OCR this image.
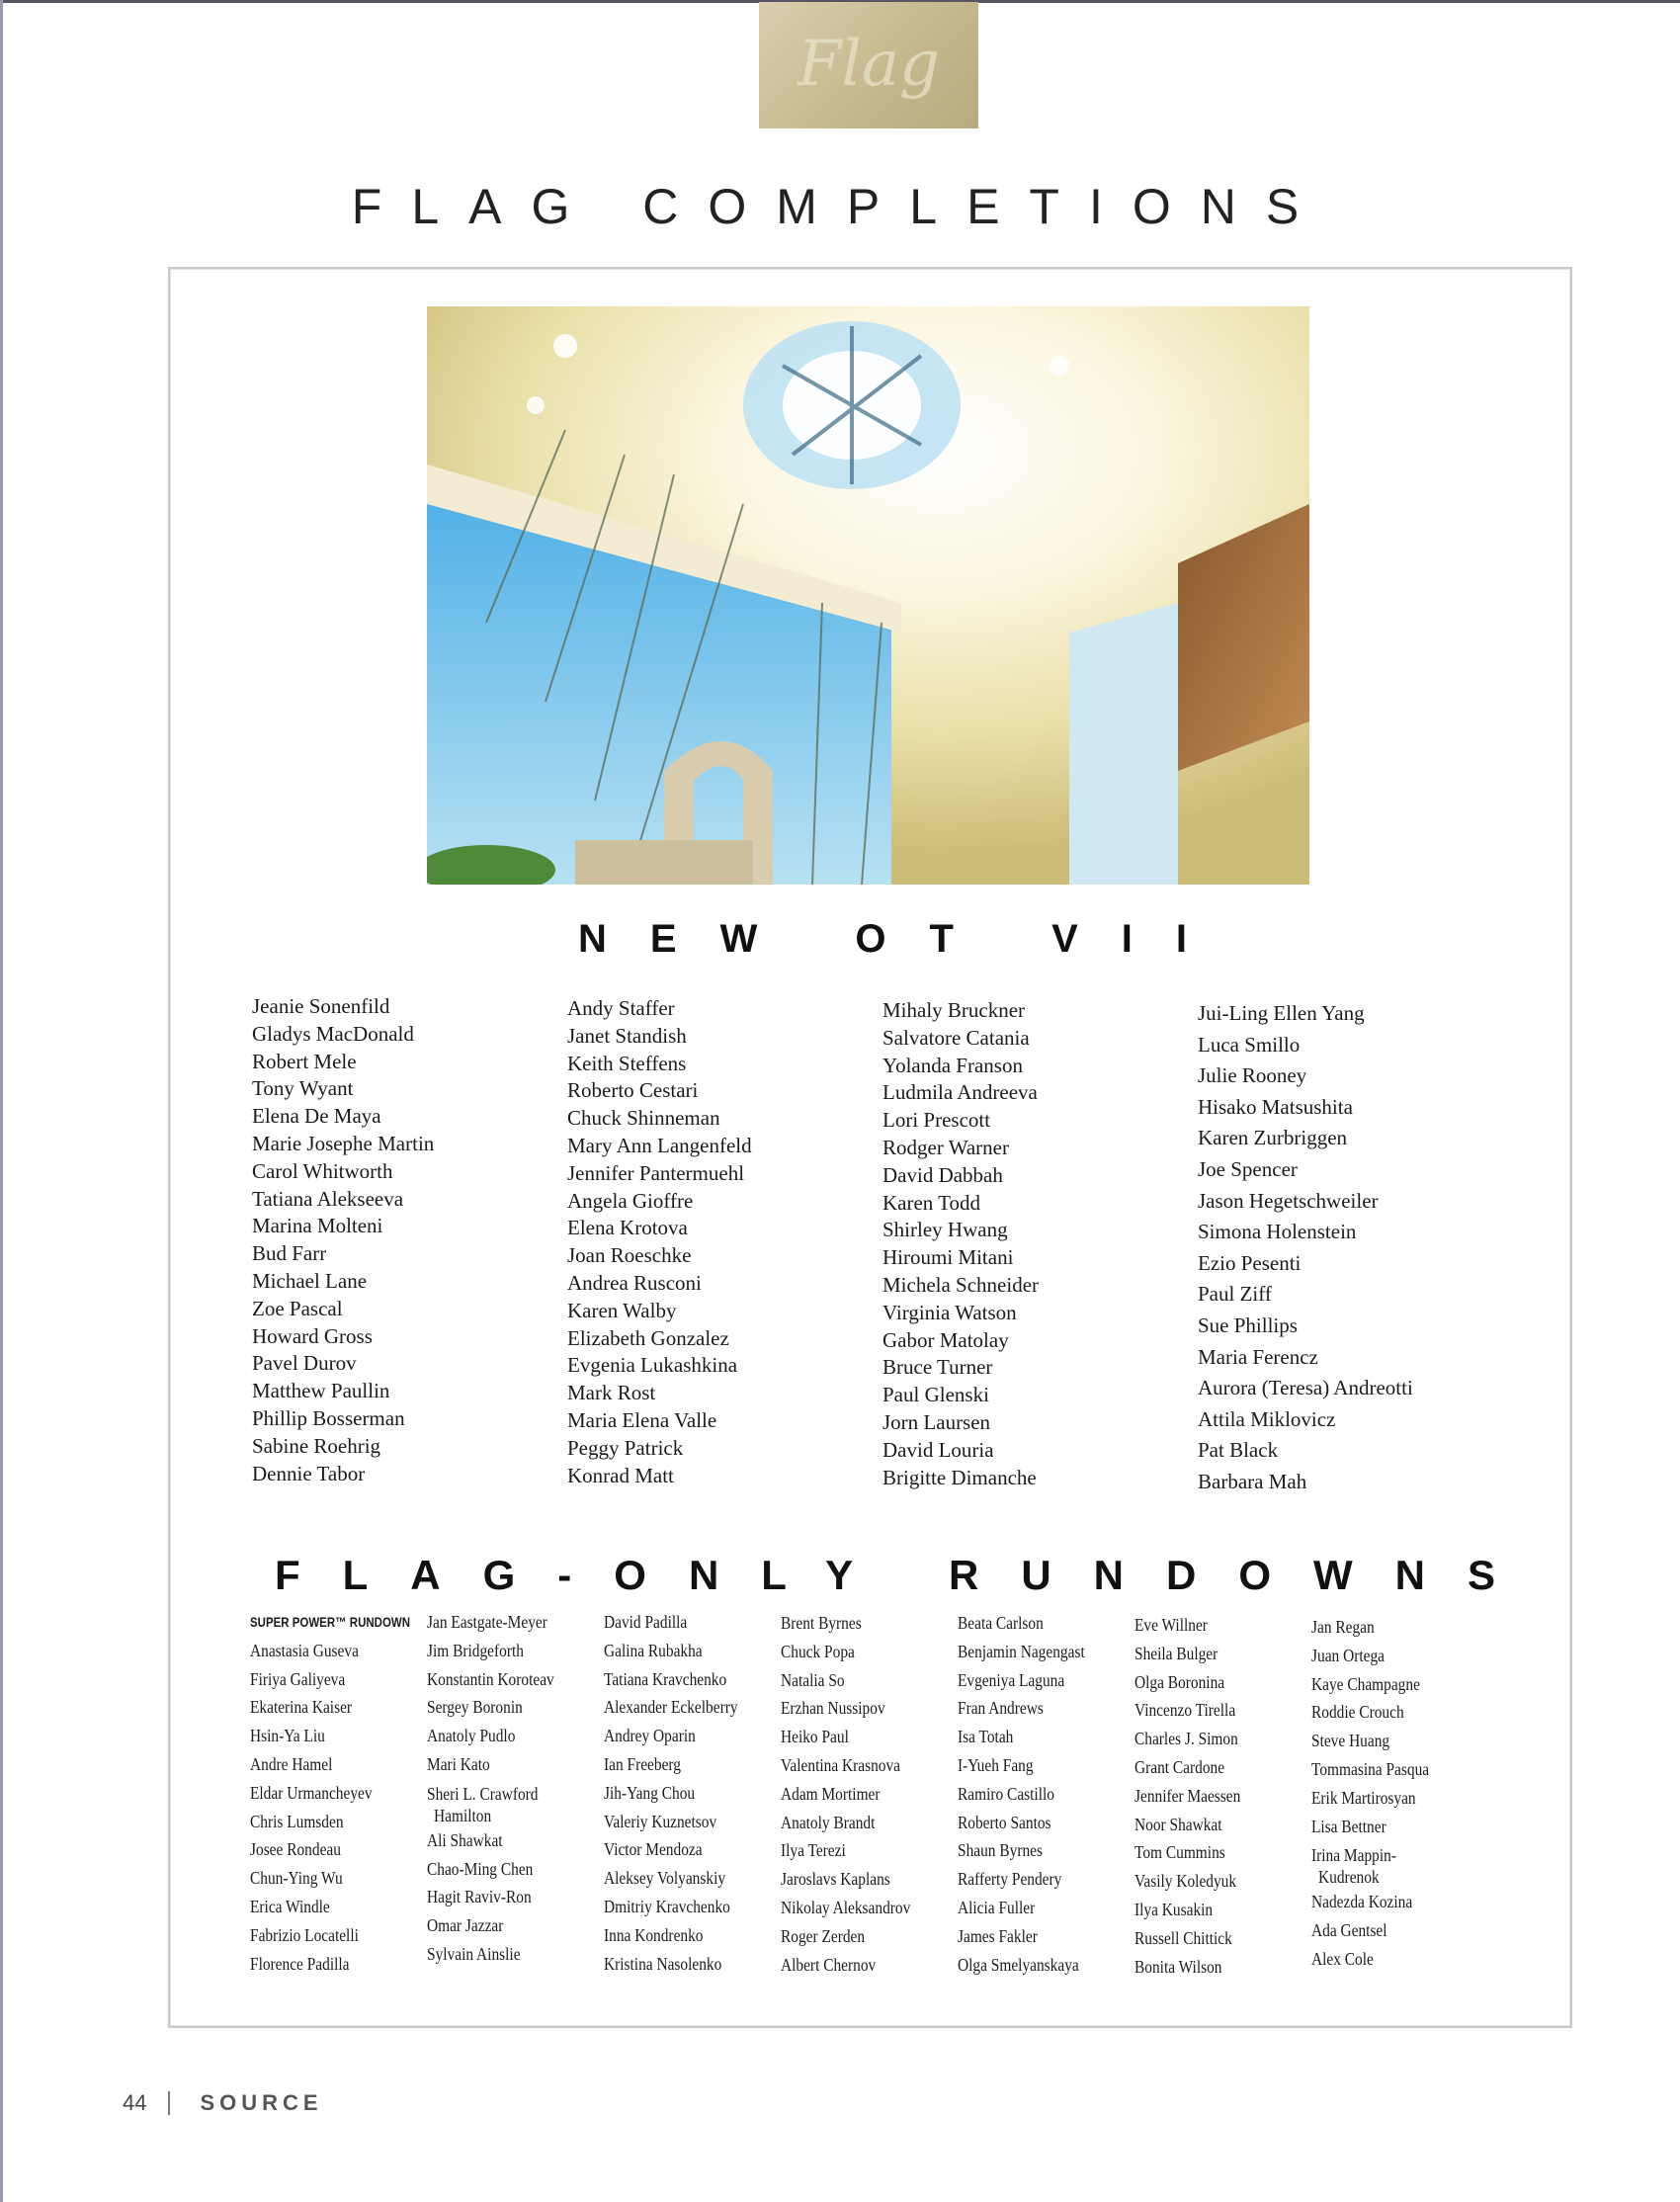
Flag
FLAG COMPLETIONS
NEW OT VII
Jeanie Sonenfild
Gladys MacDonald
Robert Mele
Tony Wyant
Elena De Maya
Marie Josephe Martin
Carol Whitworth
Tatiana Alekseeva
Marina Molteni
Bud Farr
Michael Lane
Zoe Pascal
Howard Gross
Pavel Durov
Matthew Paullin
Phillip Bosserman
Sabine Roehrig
Dennie Tabor
Andy Staffer
Janet Standish
Keith Steffens
Roberto Cestari
Chuck Shinneman
Mary Ann Langenfeld
Jennifer Pantermuehl
Angela Gioffre
Elena Krotova
Joan Roeschke
Andrea Rusconi
Karen Walby
Elizabeth Gonzalez
Evgenia Lukashkina
Mark Rost
Maria Elena Valle
Peggy Patrick
Konrad Matt
Mihaly Bruckner
Salvatore Catania
Yolanda Franson
Ludmila Andreeva
Lori Prescott
Rodger Warner
David Dabbah
Karen Todd
Shirley Hwang
Hiroumi Mitani
Michela Schneider
Virginia Watson
Gabor Matolay
Bruce Turner
Paul Glenski
Jorn Laursen
David Louria
Brigitte Dimanche
Jui-Ling Ellen Yang
Luca Smillo
Julie Rooney
Hisako Matsushita
Karen Zurbriggen
Joe Spencer
Jason Hegetschweiler
Simona Holenstein
Ezio Pesenti
Paul Ziff
Sue Phillips
Maria Ferencz
Aurora (Teresa) Andreotti
Attila Miklovicz
Pat Black
Barbara Mah
FLAG-ONLY RUNDOWNS
SUPER POWER™ RUNDOWN
Anastasia Guseva
Firiya Galiyeva
Ekaterina Kaiser
Hsin-Ya Liu
Andre Hamel
Eldar Urmancheyev
Chris Lumsden
Josee Rondeau
Chun-Ying Wu
Erica Windle
Fabrizio Locatelli
Florence Padilla
Jan Eastgate-Meyer
Jim Bridgeforth
Konstantin Koroteav
Sergey Boronin
Anatoly Pudlo
Mari Kato
Sheri L. Crawford
Hamilton
Ali Shawkat
Chao-Ming Chen
Hagit Raviv-Ron
Omar Jazzar
Sylvain Ainslie
David Padilla
Galina Rubakha
Tatiana Kravchenko
Alexander Eckelberry
Andrey Oparin
Ian Freeberg
Jih-Yang Chou
Valeriy Kuznetsov
Victor Mendoza
Aleksey Volyanskiy
Dmitriy Kravchenko
Inna Kondrenko
Kristina Nasolenko
Brent Byrnes
Chuck Popa
Natalia So
Erzhan Nussipov
Heiko Paul
Valentina Krasnova
Adam Mortimer
Anatoly Brandt
Ilya Terezi
Jaroslavs Kaplans
Nikolay Aleksandrov
Roger Zerden
Albert Chernov
Beata Carlson
Benjamin Nagengast
Evgeniya Laguna
Fran Andrews
Isa Totah
I-Yueh Fang
Ramiro Castillo
Roberto Santos
Shaun Byrnes
Rafferty Pendery
Alicia Fuller
James Fakler
Olga Smelyanskaya
Eve Willner
Sheila Bulger
Olga Boronina
Vincenzo Tirella
Charles J. Simon
Grant Cardone
Jennifer Maessen
Noor Shawkat
Tom Cummins
Vasily Koledyuk
Ilya Kusakin
Russell Chittick
Bonita Wilson
Jan Regan
Juan Ortega
Kaye Champagne
Roddie Crouch
Steve Huang
Tommasina Pasqua
Erik Martirosyan
Lisa Bettner
Irina Mappin-
Kudrenok
Nadezda Kozina
Ada Gentsel
Alex Cole
44 SOURCE
